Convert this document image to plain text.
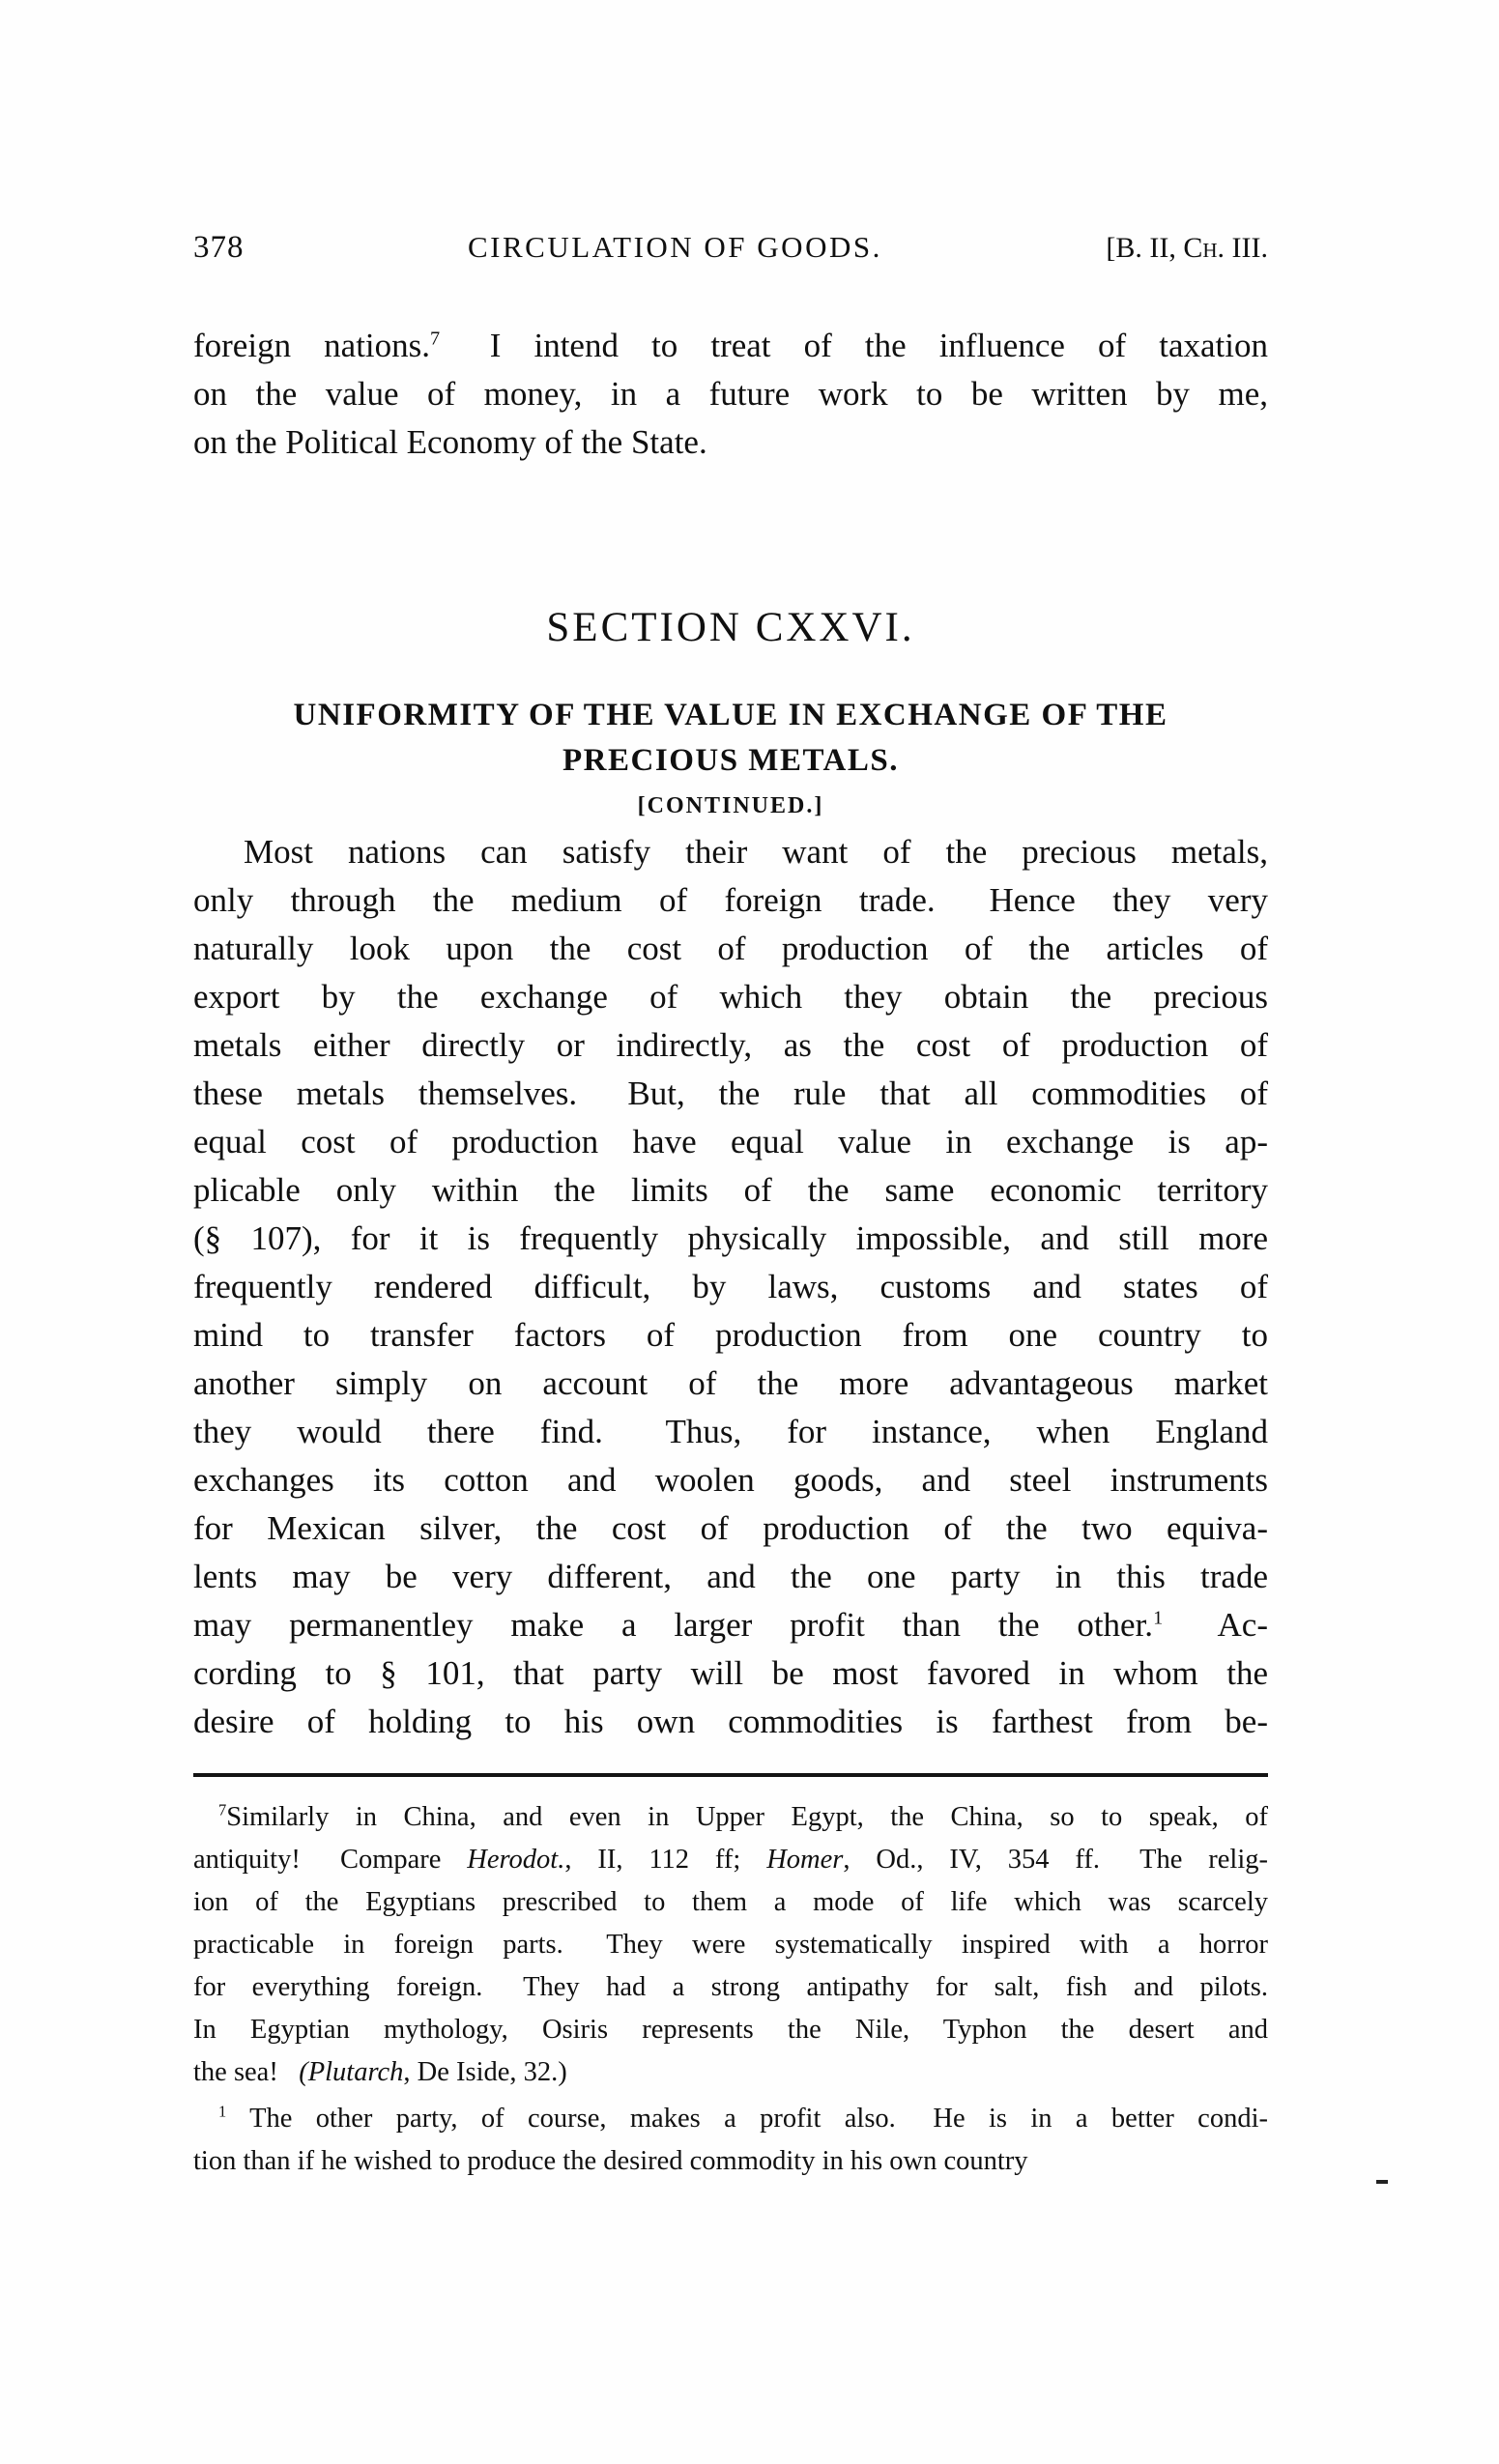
378	CIRCULATION OF GOODS.	[B. II, Ch. III.
foreign nations.$^7$  I intend to treat of the influence of taxation
on the value of money, in a future work to be written by me,
on the Political Economy of the State.
SECTION CXXVI.
UNIFORMITY OF THE VALUE IN EXCHANGE OF THE
PRECIOUS METALS.
[CONTINUED.]
Most nations can satisfy their want of the precious metals,
only through the medium of foreign trade.  Hence they very
naturally look upon the cost of production of the articles of
export by the exchange of which they obtain the precious
metals either directly or indirectly, as the cost of production of
these metals themselves.  But, the rule that all commodities of
equal cost of production have equal value in exchange is ap-
plicable only within the limits of the same economic territory
(§ 107), for it is frequently physically impossible, and still more
frequently rendered difficult, by laws, customs and states of
mind to transfer factors of production from one country to
another simply on account of the more advantageous market
they would there find.  Thus, for instance, when England
exchanges its cotton and woolen goods, and steel instruments
for Mexican silver, the cost of production of the two equiva-
lents may be very different, and the one party in this trade
may permanentley make a larger profit than the other.$^1$  Ac-
cording to § 101, that party will be most favored in whom the
desire of holding to his own commodities is farthest from be-
$^7$Similarly in China, and even in Upper Egypt, the China, so to speak, of
antiquity!  Compare Herodot., II, 112 ff; Homer, Od., IV, 354 ff.  The relig-
ion of the Egyptians prescribed to them a mode of life which was scarcely
practicable in foreign parts.  They were systematically inspired with a horror
for everything foreign.  They had a strong antipathy for salt, fish and pilots.
In Egyptian mythology, Osiris represents the Nile, Typhon the desert and
the sea!  (Plutarch, De Iside, 32.)
$^1$ The other party, of course, makes a profit also.  He is in a better condi-
tion than if he wished to produce the desired commodity in his own country
